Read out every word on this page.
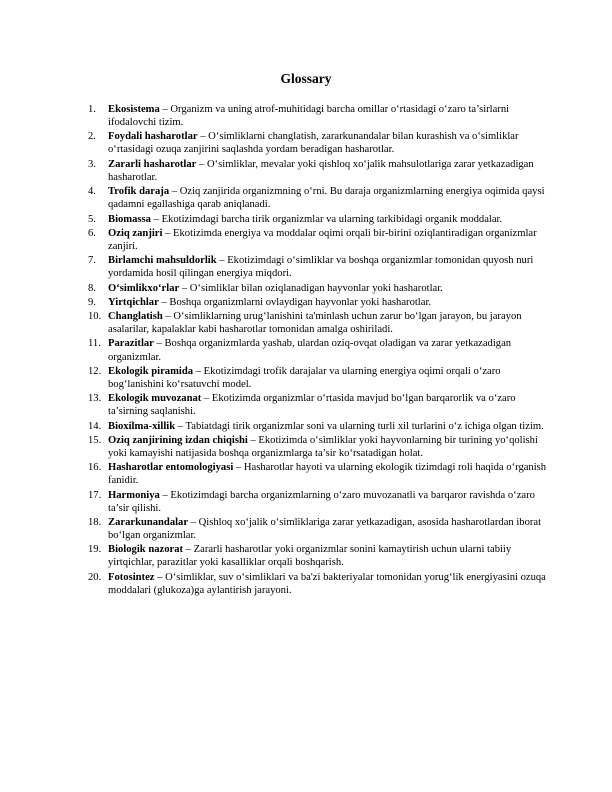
Glossary
1. Ekosistema – Organizm va uning atrof-muhitidagi barcha omillar o‘rtasidagi o‘zaro ta’sirlarni ifodalovchi tizim.
2. Foydali hasharotlar – O‘simliklarni changlatish, zararkunandalar bilan kurashish va o‘simliklar o‘rtasidagi ozuqa zanjirini saqlashda yordam beradigan hasharotlar.
3. Zararli hasharotlar – O‘simliklar, mevalar yoki qishloq xo‘jalik mahsulotlariga zarar yetkazadigan hasharotlar.
4. Trofik daraja – Oziq zanjirida organizmning o‘rni. Bu daraja organizmlarning energiya oqimida qaysi qadamni egallashiga qarab aniqlanadi.
5. Biomassa – Ekotizimdagi barcha tirik organizmlar va ularning tarkibidagi organik moddalar.
6. Oziq zanjiri – Ekotizimda energiya va moddalar oqimi orqali bir-birini oziqlantiradigan organizmlar zanjiri.
7. Birlamchi mahsuldorlik – Ekotizimdagi o‘simliklar va boshqa organizmlar tomonidan quyosh nuri yordamida hosil qilingan energiya miqdori.
8. O‘simlikxo‘rlar – O‘simliklar bilan oziqlanadigan hayvonlar yoki hasharotlar.
9. Yirtqichlar – Boshqa organizmlarni ovlaydigan hayvonlar yoki hasharotlar.
10. Changlatish – O‘simliklarning urug‘lanishini ta'minlash uchun zarur bo‘lgan jarayon, bu jarayon asalarilar, kapalaklar kabi hasharotlar tomonidan amalga oshiriladi.
11. Parazitlar – Boshqa organizmlarda yashab, ulardan oziq-ovqat oladigan va zarar yetkazadigan organizmlar.
12. Ekologik piramida – Ekotizimdagi trofik darajalar va ularning energiya oqimi orqali o‘zaro bog‘lanishini ko‘rsatuvchi model.
13. Ekologik muvozanat – Ekotizimda organizmlar o‘rtasida mavjud bo‘lgan barqarorlik va o‘zaro ta’sirning saqlanishi.
14. Bioxilma-xillik – Tabiatdagi tirik organizmlar soni va ularning turli xil turlarini o‘z ichiga olgan tizim.
15. Oziq zanjirining izdan chiqishi – Ekotizimda o‘simliklar yoki hayvonlarning bir turining yo‘qolishi yoki kamayishi natijasida boshqa organizmlarga ta’sir ko‘rsatadigan holat.
16. Hasharotlar entomologiyasi – Hasharotlar hayoti va ularning ekologik tizimdagi roli haqida o‘rganish fanidir.
17. Harmoniya – Ekotizimdagi barcha organizmlarning o‘zaro muvozanatli va barqaror ravishda o‘zaro ta’sir qilishi.
18. Zararkunandalar – Qishloq xo‘jalik o‘simliklariga zarar yetkazadigan, asosida hasharotlardan iborat bo‘lgan organizmlar.
19. Biologik nazorat – Zararli hasharotlar yoki organizmlar sonini kamaytirish uchun ularni tabiiy yirtqichlar, parazitlar yoki kasalliklar orqali boshqarish.
20. Fotosintez – O‘simliklar, suv o‘simliklari va ba'zi bakteriyalar tomonidan yorug‘lik energiyasini ozuqa moddalari (glukoza)ga aylantirish jarayoni.
